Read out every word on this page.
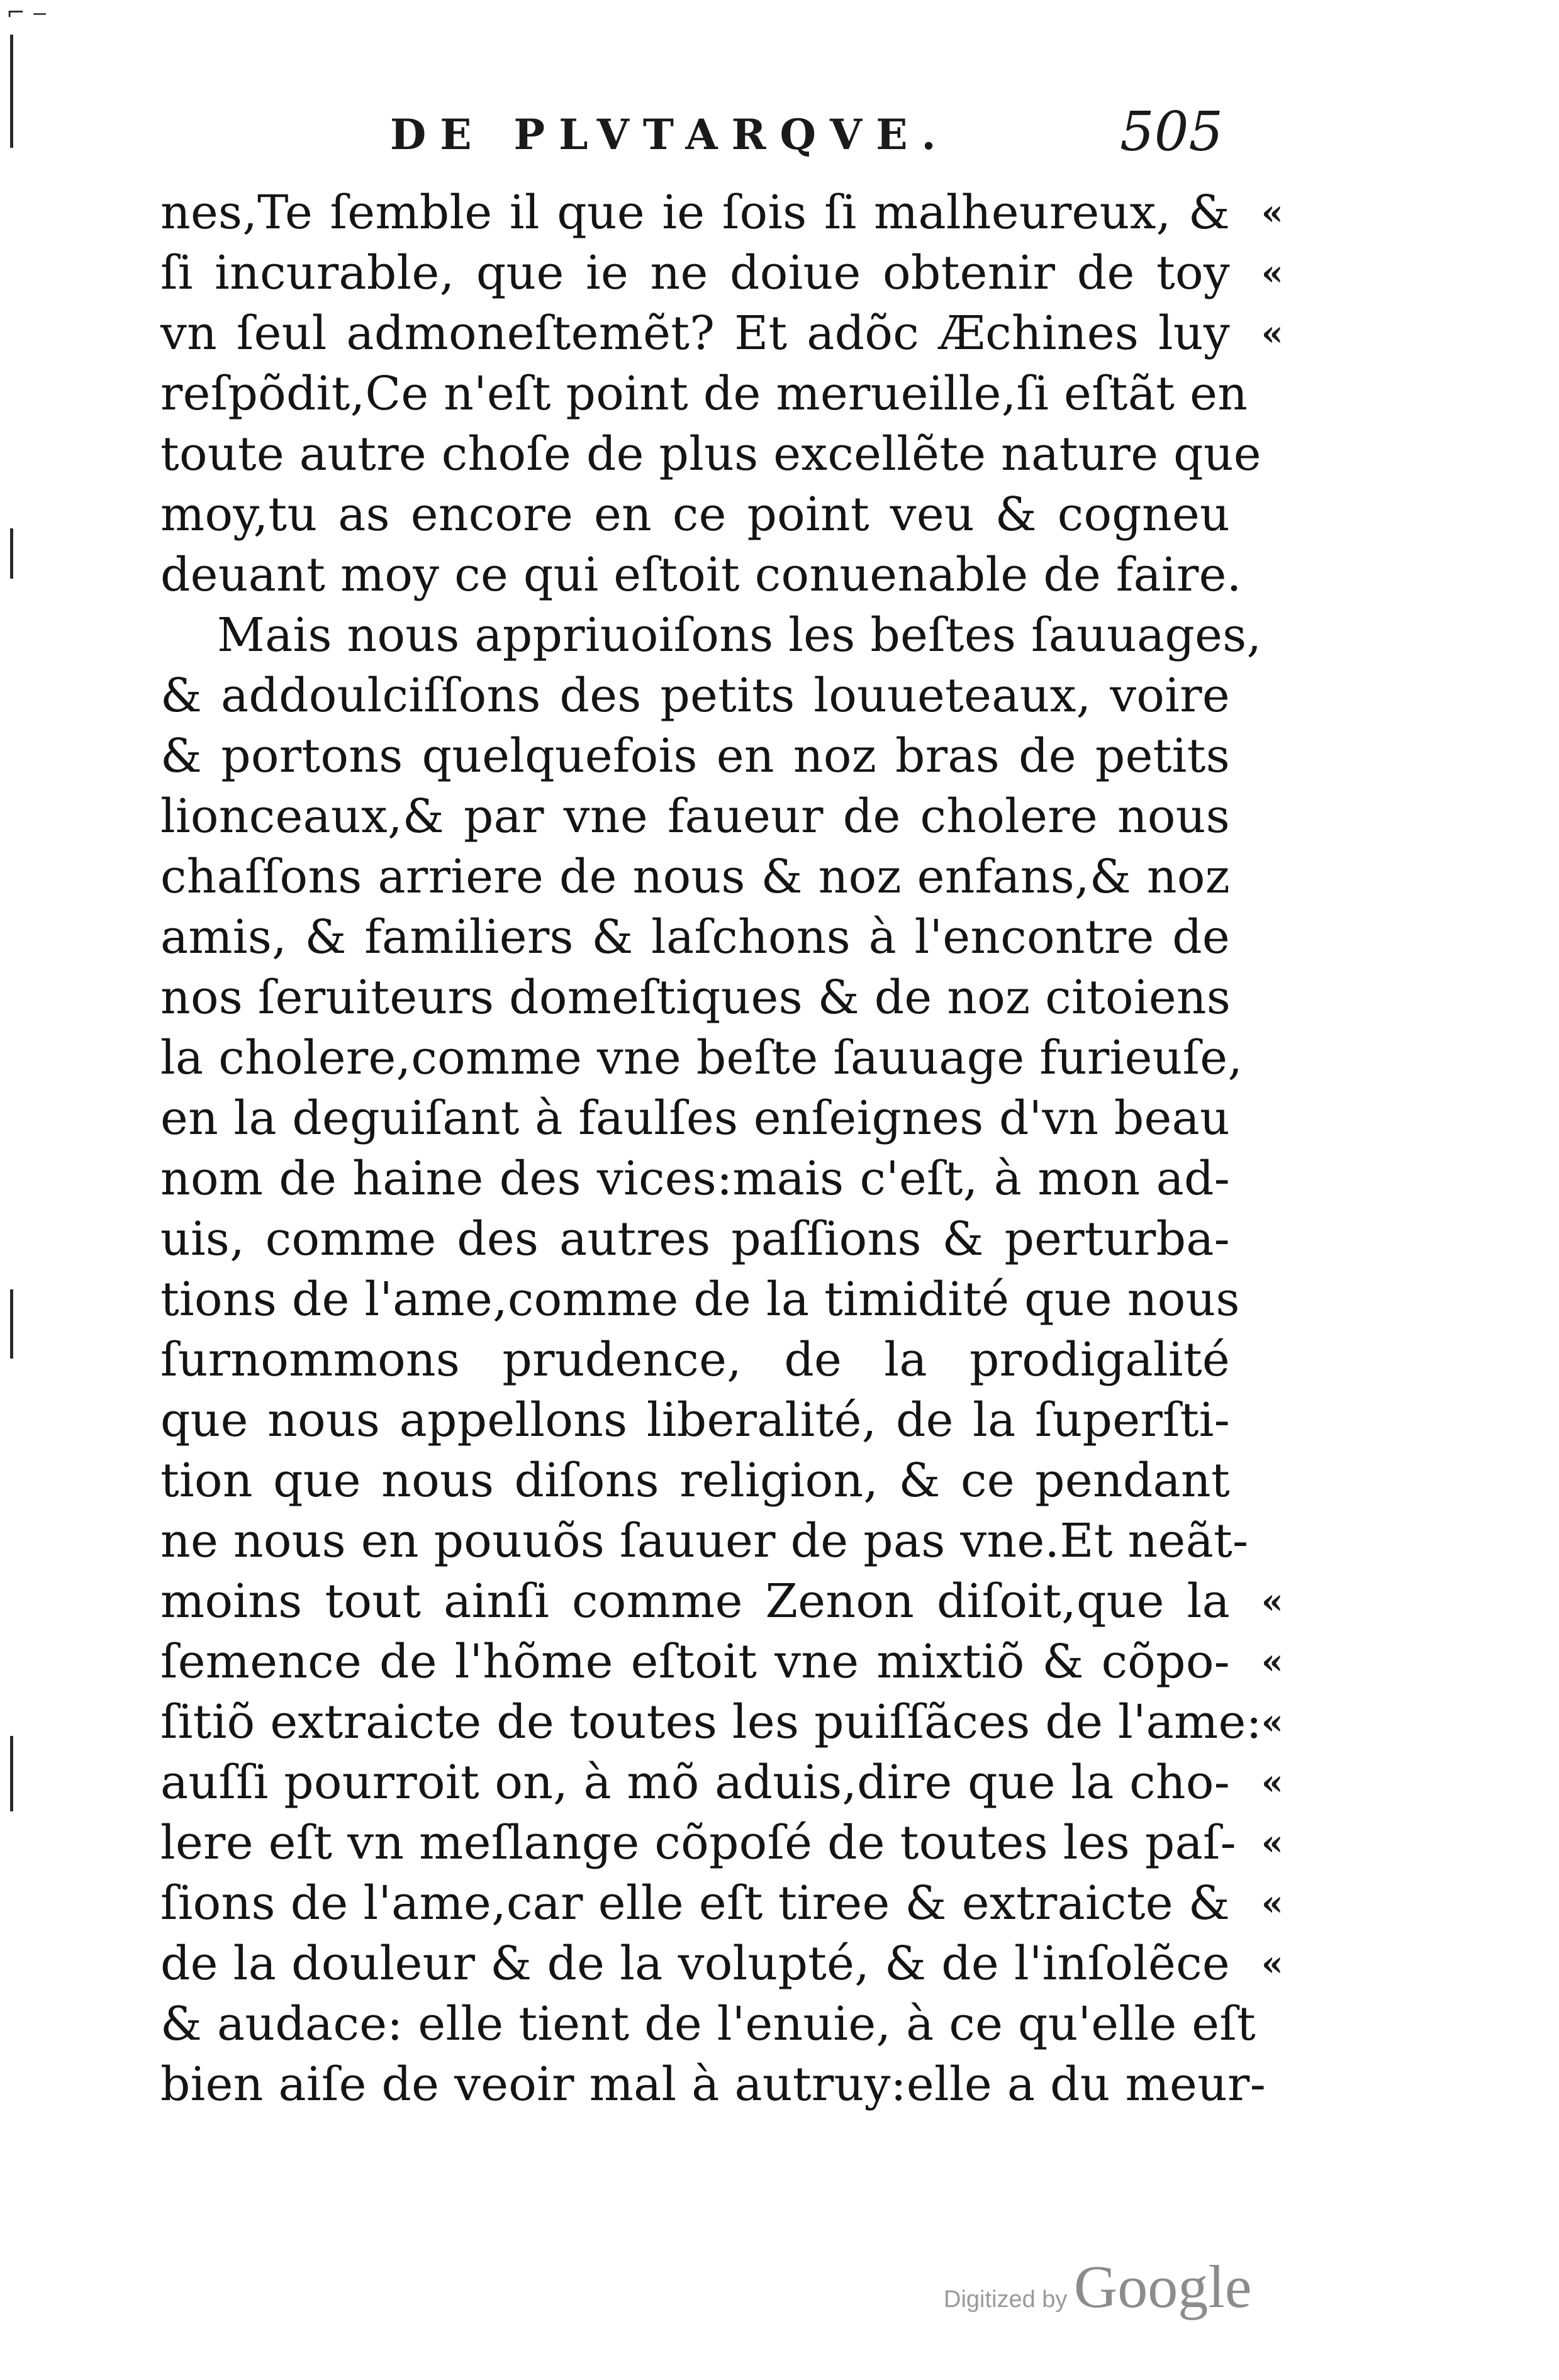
⌐ ‒
DE PLVTARQVE.	505
nes,Te ſemble il que ie ſois ſi malheureux, & «
ſi incurable, que ie ne doiue obtenir de toy «
vn ſeul admoneſtemẽt? Et adõc Æchines luy «
reſpõdit,Ce n'eſt point de merueille,ſi eſtãt en
toute autre choſe de plus excellẽte nature que
moy,tu as encore en ce point veu & cogneu
deuant moy ce qui eſtoit conuenable de faire.
Mais nous appriuoiſons les beſtes ſauuages,
& addoulciſſons des petits louueteaux, voire
& portons quelquefois en noz bras de petits
lionceaux,& par vne faueur de cholere nous
chaſſons arriere de nous & noz enfans,& noz
amis, & familiers & laſchons à l'encontre de
nos ſeruiteurs domeſtiques & de noz citoiens
la cholere,comme vne beſte ſauuage furieuſe,
en la deguiſant à faulſes enſeignes d'vn beau
nom de haine des vices:mais c'eſt, à mon ad-
uis, comme des autres paſſions & perturba-
tions de l'ame,comme de la timidité que nous
ſurnommons prudence, de la prodigalité
que nous appellons liberalité, de la ſuperſti-
tion que nous diſons religion, & ce pendant
ne nous en pouuõs ſauuer de pas vne.Et neãt-
moins tout ainſi comme Zenon diſoit,que la «
ſemence de l'hõme eſtoit vne mixtiõ & cõpo- «
ſitiõ extraicte de toutes les puiſſãces de l'ame:
«
auſſi pourroit on, à mõ aduis,dire que la cho- «
lere eſt vn meſlange cõpoſé de toutes les paſ- «
ſions de l'ame,car elle eſt tiree & extraicte & «
de la douleur & de la volupté, & de l'inſolẽce «
& audace: elle tient de l'enuie, à ce qu'elle eſt
bien aiſe de veoir mal à autruy:elle a du meur-
Digitized by Google
